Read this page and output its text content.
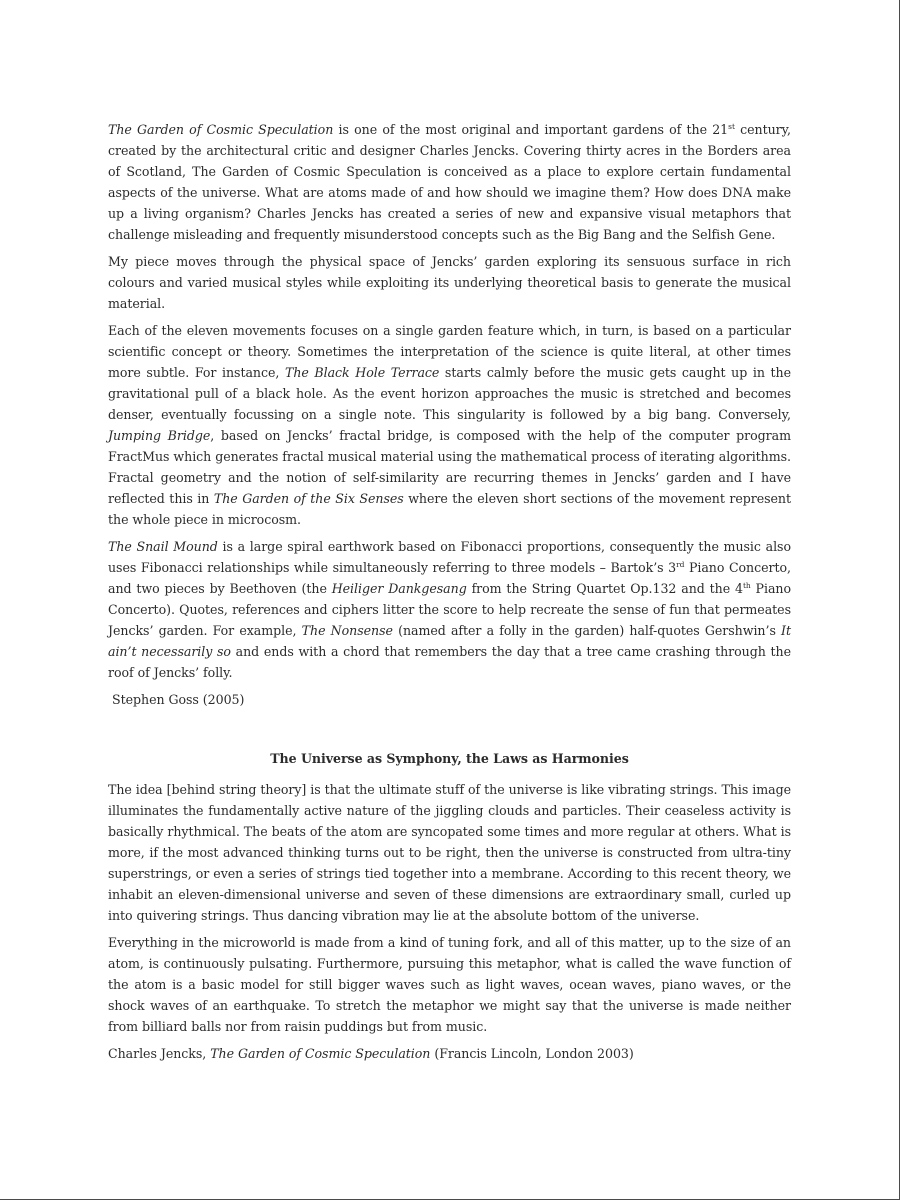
The Garden of Cosmic Speculation is one of the most original and important gardens of the 21st century, created by the architectural critic and designer Charles Jencks. Covering thirty acres in the Borders area of Scotland, The Garden of Cosmic Speculation is conceived as a place to explore certain fundamental aspects of the universe. What are atoms made of and how should we imagine them? How does DNA make up a living organism? Charles Jencks has created a series of new and expansive visual metaphors that challenge misleading and frequently misunderstood concepts such as the Big Bang and the Selfish Gene.

My piece moves through the physical space of Jencks’ garden exploring its sensuous surface in rich colours and varied musical styles while exploiting its underlying theoretical basis to generate the musical material.

Each of the eleven movements focuses on a single garden feature which, in turn, is based on a particular scientific concept or theory. Sometimes the interpretation of the science is quite literal, at other times more subtle. For instance, The Black Hole Terrace starts calmly before the music gets caught up in the gravitational pull of a black hole. As the event horizon approaches the music is stretched and becomes denser, eventually focussing on a single note. This singularity is followed by a big bang. Conversely, Jumping Bridge, based on Jencks’ fractal bridge, is composed with the help of the computer program FractMus which generates fractal musical material using the mathematical process of iterating algorithms. Fractal geometry and the notion of self-similarity are recurring themes in Jencks’ garden and I have reflected this in The Garden of the Six Senses where the eleven short sections of the movement represent the whole piece in microcosm.

The Snail Mound is a large spiral earthwork based on Fibonacci proportions, consequently the music also uses Fibonacci relationships while simultaneously referring to three models – Bartok’s 3rd Piano Concerto, and two pieces by Beethoven (the Heiliger Dankgesang from the String Quartet Op.132 and the 4th Piano Concerto). Quotes, references and ciphers litter the score to help recreate the sense of fun that permeates Jencks’ garden. For example, The Nonsense (named after a folly in the garden) half-quotes Gershwin’s It ain’t necessarily so and ends with a chord that remembers the day that a tree came crashing through the roof of Jencks’ folly.

Stephen Goss (2005)

The Universe as Symphony, the Laws as Harmonies

The idea [behind string theory] is that the ultimate stuff of the universe is like vibrating strings. This image illuminates the fundamentally active nature of the jiggling clouds and particles. Their ceaseless activity is basically rhythmical. The beats of the atom are syncopated some times and more regular at others. What is more, if the most advanced thinking turns out to be right, then the universe is constructed from ultra-tiny superstrings, or even a series of strings tied together into a membrane. According to this recent theory, we inhabit an eleven-dimensional universe and seven of these dimensions are extraordinary small, curled up into quivering strings. Thus dancing vibration may lie at the absolute bottom of the universe.

Everything in the microworld is made from a kind of tuning fork, and all of this matter, up to the size of an atom, is continuously pulsating. Furthermore, pursuing this metaphor, what is called the wave function of the atom is a basic model for still bigger waves such as light waves, ocean waves, piano waves, or the shock waves of an earthquake. To stretch the metaphor we might say that the universe is made neither from billiard balls nor from raisin puddings but from music.

Charles Jencks, The Garden of Cosmic Speculation (Francis Lincoln, London 2003)
